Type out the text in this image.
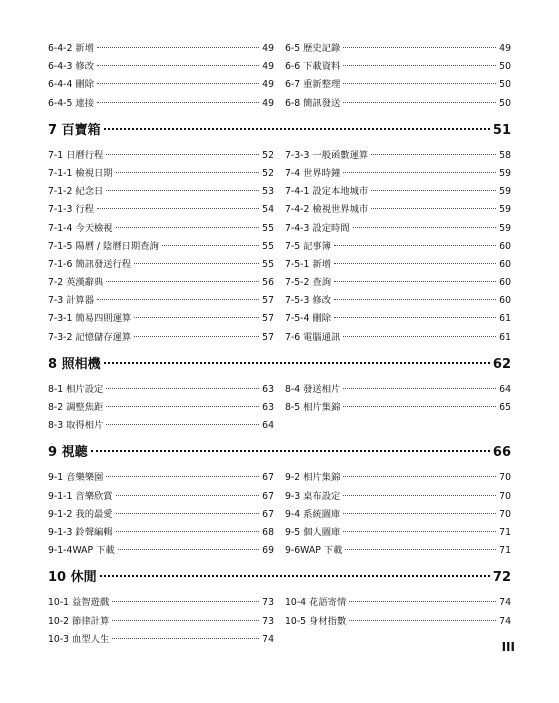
6-4-2 新增	49
6-4-3 修改	49
6-4-4 刪除	49
6-4-5 連接	49
6-5 歷史記錄	49
6-6 下載資料	50
6-7 重新整理	50
6-8 簡訊發送	50
7 百寶箱	51
7-1 日曆行程	52
7-1-1 檢視日期	52
7-1-2 紀念日	53
7-1-3 行程	54
7-1-4 今天檢視	55
7-1-5 陽曆 / 陰曆日期查詢	55
7-1-6 簡訊發送行程	55
7-2 英漢辭典	56
7-3 計算器	57
7-3-1 簡易四則運算	57
7-3-2 記憶儲存運算	57
7-3-3 一般函數運算	58
7-4 世界時鐘	59
7-4-1 設定本地城市	59
7-4-2 檢視世界城市	59
7-4-3 設定時間	59
7-5 記事簿	60
7-5-1 新增	60
7-5-2 查詢	60
7-5-3 修改	60
7-5-4 刪除	61
7-6 電腦通訊	61
8 照相機	62
8-1 相片設定	63
8-2 調整焦距	63
8-3 取得相片	64
8-4 發送相片	64
8-5 相片集錦	65
9 視聽	66
9-1 音樂樂園	67
9-1-1 音樂欣賞	67
9-1-2 我的最愛	67
9-1-3 鈴聲編輯	68
9-1-4WAP 下載	69
9-2 相片集錦	70
9-3 桌布設定	70
9-4 系統圖庫	70
9-5 個人圖庫	71
9-6WAP 下載	71
10 休閒	72
10-1 益智遊戲	73
10-2 節律計算	73
10-3 血型人生	74
10-4 花語寄情	74
10-5 身材指數	74
III
